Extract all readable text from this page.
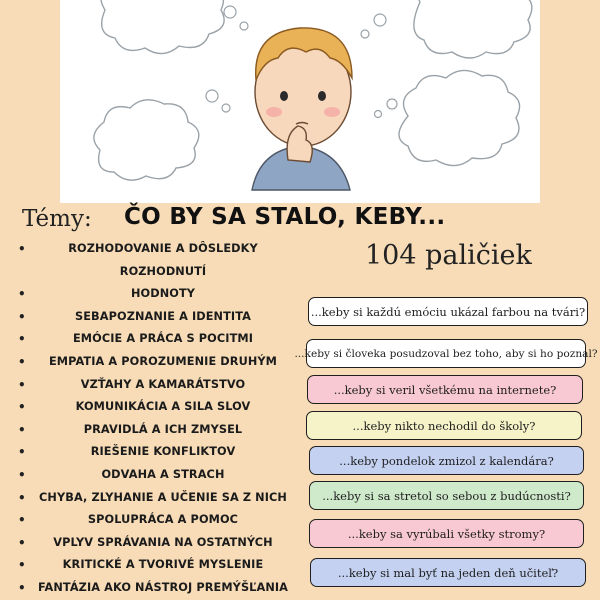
Témy: ČO BY SA STALO, KEBY...
104 paličiek
• ROZHODOVANIE A DÔSLEDKY
ROZHODNUTÍ
• HODNOTY
• SEBAPOZNANIE A IDENTITA
• EMÓCIE A PRÁCA S POCITMI
• EMPATIA A POROZUMENIE DRUHÝM
• VZŤAHY A KAMARÁTSTVO
• KOMUNIKÁCIA A SILA SLOV
• PRAVIDLÁ A ICH ZMYSEL
• RIEŠENIE KONFLIKTOV
• ODVAHA A STRACH
• CHYBA, ZLYHANIE A UČENIE SA Z NICH
• SPOLUPRÁCA A POMOC
• VPLYV SPRÁVANIA NA OSTATNÝCH
• KRITICKÉ A TVORIVÉ MYSLENIE
• FANTÁZIA AKO NÁSTROJ PREMÝŠĽANIA
...keby si každú emóciu ukázal farbou na tvári?
...keby si človeka posudzoval bez toho, aby si ho poznal?
...keby si veril všetkému na internete?
...keby nikto nechodil do školy?
...keby pondelok zmizol z kalendára?
...keby si sa stretol so sebou z budúcnosti?
...keby sa vyrúbali všetky stromy?
...keby si mal byť na jeden deň učiteľ?
